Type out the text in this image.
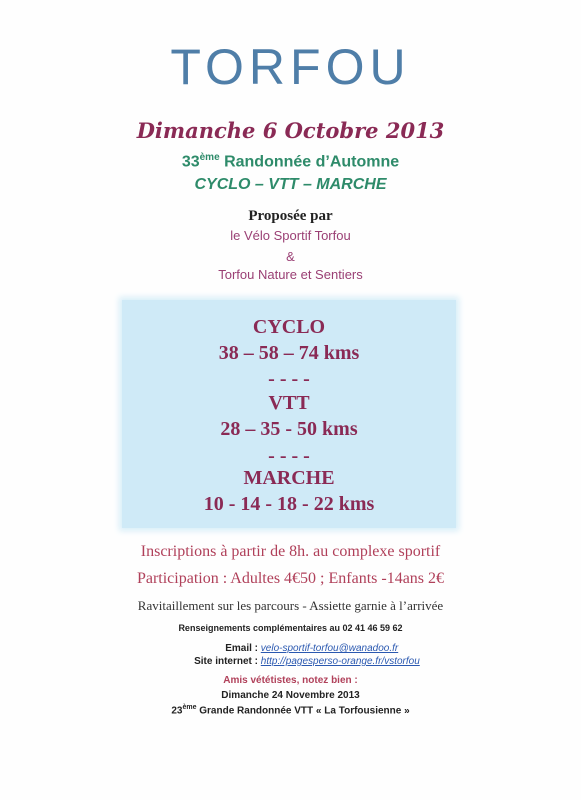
TORFOU
Dimanche 6 Octobre 2013
33ème Randonnée d’Automne
CYCLO – VTT – MARCHE
Proposée par
le Vélo Sportif Torfou
&
Torfou Nature et Sentiers
CYCLO
38 – 58 – 74 kms
- - - -
VTT
28 – 35 - 50 kms
- - - -
MARCHE
10 - 14 - 18 - 22 kms
Inscriptions à partir de 8h. au complexe sportif
Participation : Adultes 4€50 ; Enfants -14ans 2€
Ravitaillement sur les parcours - Assiette garnie à l’arrivée
Renseignements complémentaires au 02 41 46 59 62
Email : velo-sportif-torfou@wanadoo.fr
Site internet : http://pagesperso-orange.fr/vstorfou
Amis vététistes, notez bien :
Dimanche 24 Novembre 2013
23ème Grande Randonnée VTT « La Torfousienne »
